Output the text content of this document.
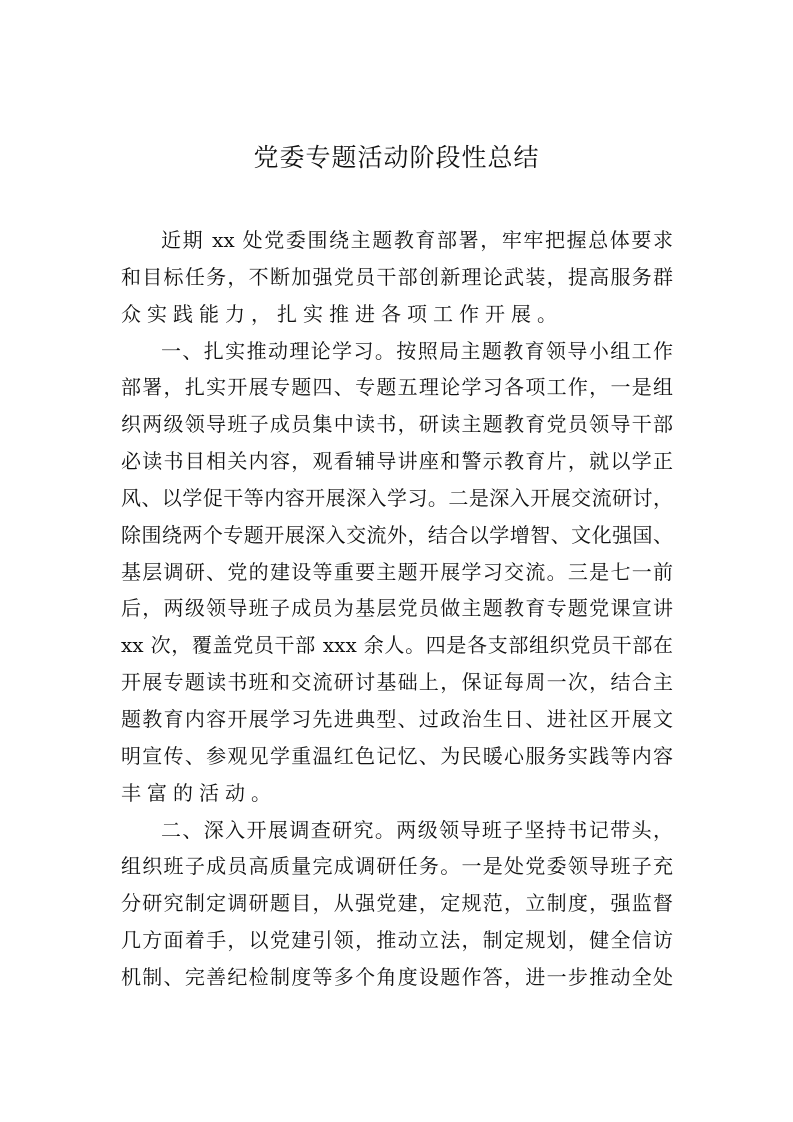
党委专题活动阶段性总结
近期 xx 处党委围绕主题教育部署，牢牢把握总体要求
和目标任务，不断加强党员干部创新理论武装，提高服务群
众实践能力，扎实推进各项工作开展。
一、扎实推动理论学习。按照局主题教育领导小组工作
部署，扎实开展专题四、专题五理论学习各项工作，一是组
织两级领导班子成员集中读书，研读主题教育党员领导干部
必读书目相关内容，观看辅导讲座和警示教育片，就以学正
风、以学促干等内容开展深入学习。二是深入开展交流研讨，
除围绕两个专题开展深入交流外，结合以学增智、文化强国、
基层调研、党的建设等重要主题开展学习交流。三是七一前
后，两级领导班子成员为基层党员做主题教育专题党课宣讲
xx 次，覆盖党员干部 xxx 余人。四是各支部组织党员干部在
开展专题读书班和交流研讨基础上，保证每周一次，结合主
题教育内容开展学习先进典型、过政治生日、进社区开展文
明宣传、参观见学重温红色记忆、为民暖心服务实践等内容
丰富的活动。
二、深入开展调查研究。两级领导班子坚持书记带头，
组织班子成员高质量完成调研任务。一是处党委领导班子充
分研究制定调研题目，从强党建，定规范，立制度，强监督
几方面着手，以党建引领，推动立法，制定规划，健全信访
机制、完善纪检制度等多个角度设题作答，进一步推动全处
